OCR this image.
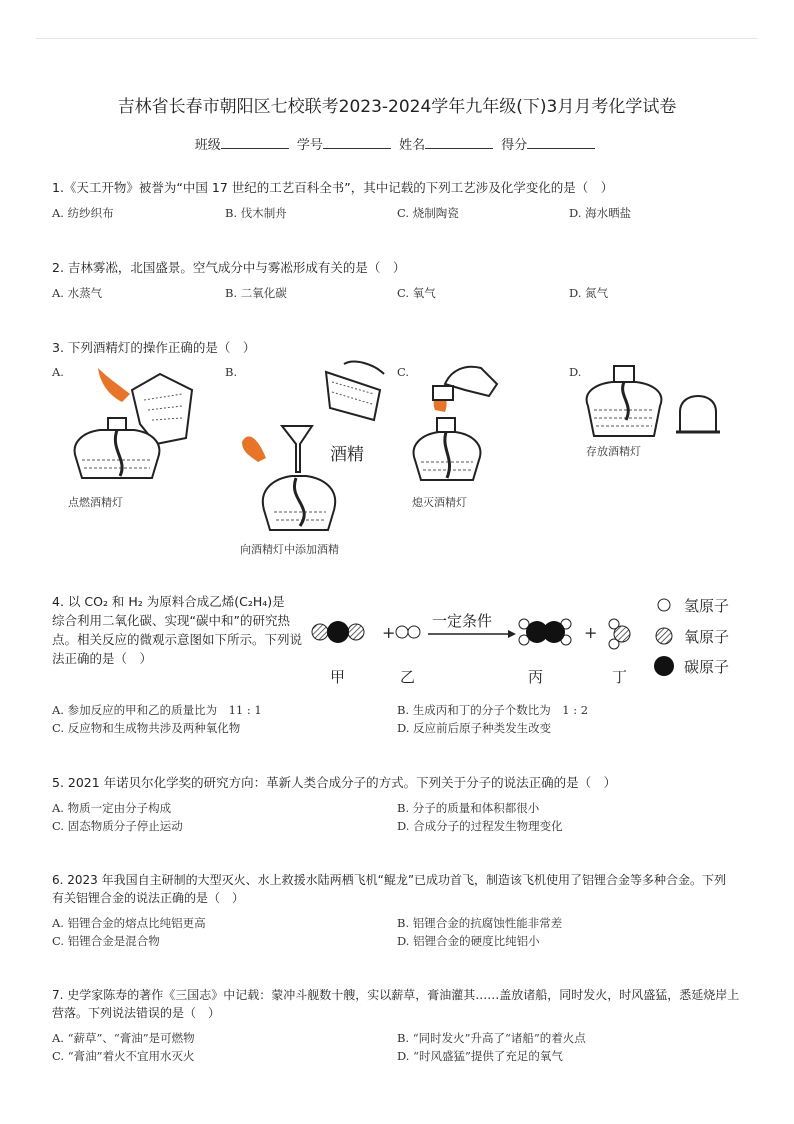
吉林省长春市朝阳区七校联考2023-2024学年九年级(下)3月月考化学试卷
班级	学号	姓名	得分
1.《天工开物》被誉为“中国 17 世纪的工艺百科全书”，其中记载的下列工艺涉及化学变化的是（　）
A. 纺纱织布	B. 伐木制舟	C. 烧制陶瓷	D. 海水晒盐
2. 吉林雾凇，北国盛景。空气成分中与雾凇形成有关的是（　）
A. 水蒸气	B. 二氧化碳	C. 氧气	D. 氮气
3. 下列酒精灯的操作正确的是（　）
A.	B.	C.	D.
点燃酒精灯
酒精
向酒精灯中添加酒精
熄灭酒精灯
存放酒精灯
4. 以 CO₂ 和 H₂ 为原料合成乙烯(C₂H₄)是
综合利用二氧化碳、实现“碳中和”的研究热
点。相关反应的微观示意图如下所示。下列说
法正确的是（　）
+
一定条件
+
甲	乙	丙	丁
氢原子
氧原子
碳原子
A. 参加反应的甲和乙的质量比为　11 : 1	B. 生成丙和丁的分子个数比为　1 : 2
C. 反应物和生成物共涉及两种氧化物	D. 反应前后原子种类发生改变
5. 2021 年诺贝尔化学奖的研究方向：革新人类合成分子的方式。下列关于分子的说法正确的是（　）
A. 物质一定由分子构成	B. 分子的质量和体积都很小
C. 固态物质分子停止运动	D. 合成分子的过程发生物理变化
6. 2023 年我国自主研制的大型灭火、水上救援水陆两栖飞机“鲲龙”已成功首飞，制造该飞机使用了铝锂合金等多种合金。下列
有关铝锂合金的说法正确的是（　）
A. 铝锂合金的熔点比纯铝更高	B. 铝锂合金的抗腐蚀性能非常差
C. 铝锂合金是混合物	D. 铝锂合金的硬度比纯铝小
7. 史学家陈寿的著作《三国志》中记载：蒙冲斗舰数十艘，实以薪草，膏油灌其……盖放诸船，同时发火，时风盛猛，悉延烧岸上
营落。下列说法错误的是（　）
A. “薪草”、“膏油”是可燃物	B. “同时发火”升高了“诸船”的着火点
C. “膏油”着火不宜用水灭火	D. “时风盛猛”提供了充足的氧气
